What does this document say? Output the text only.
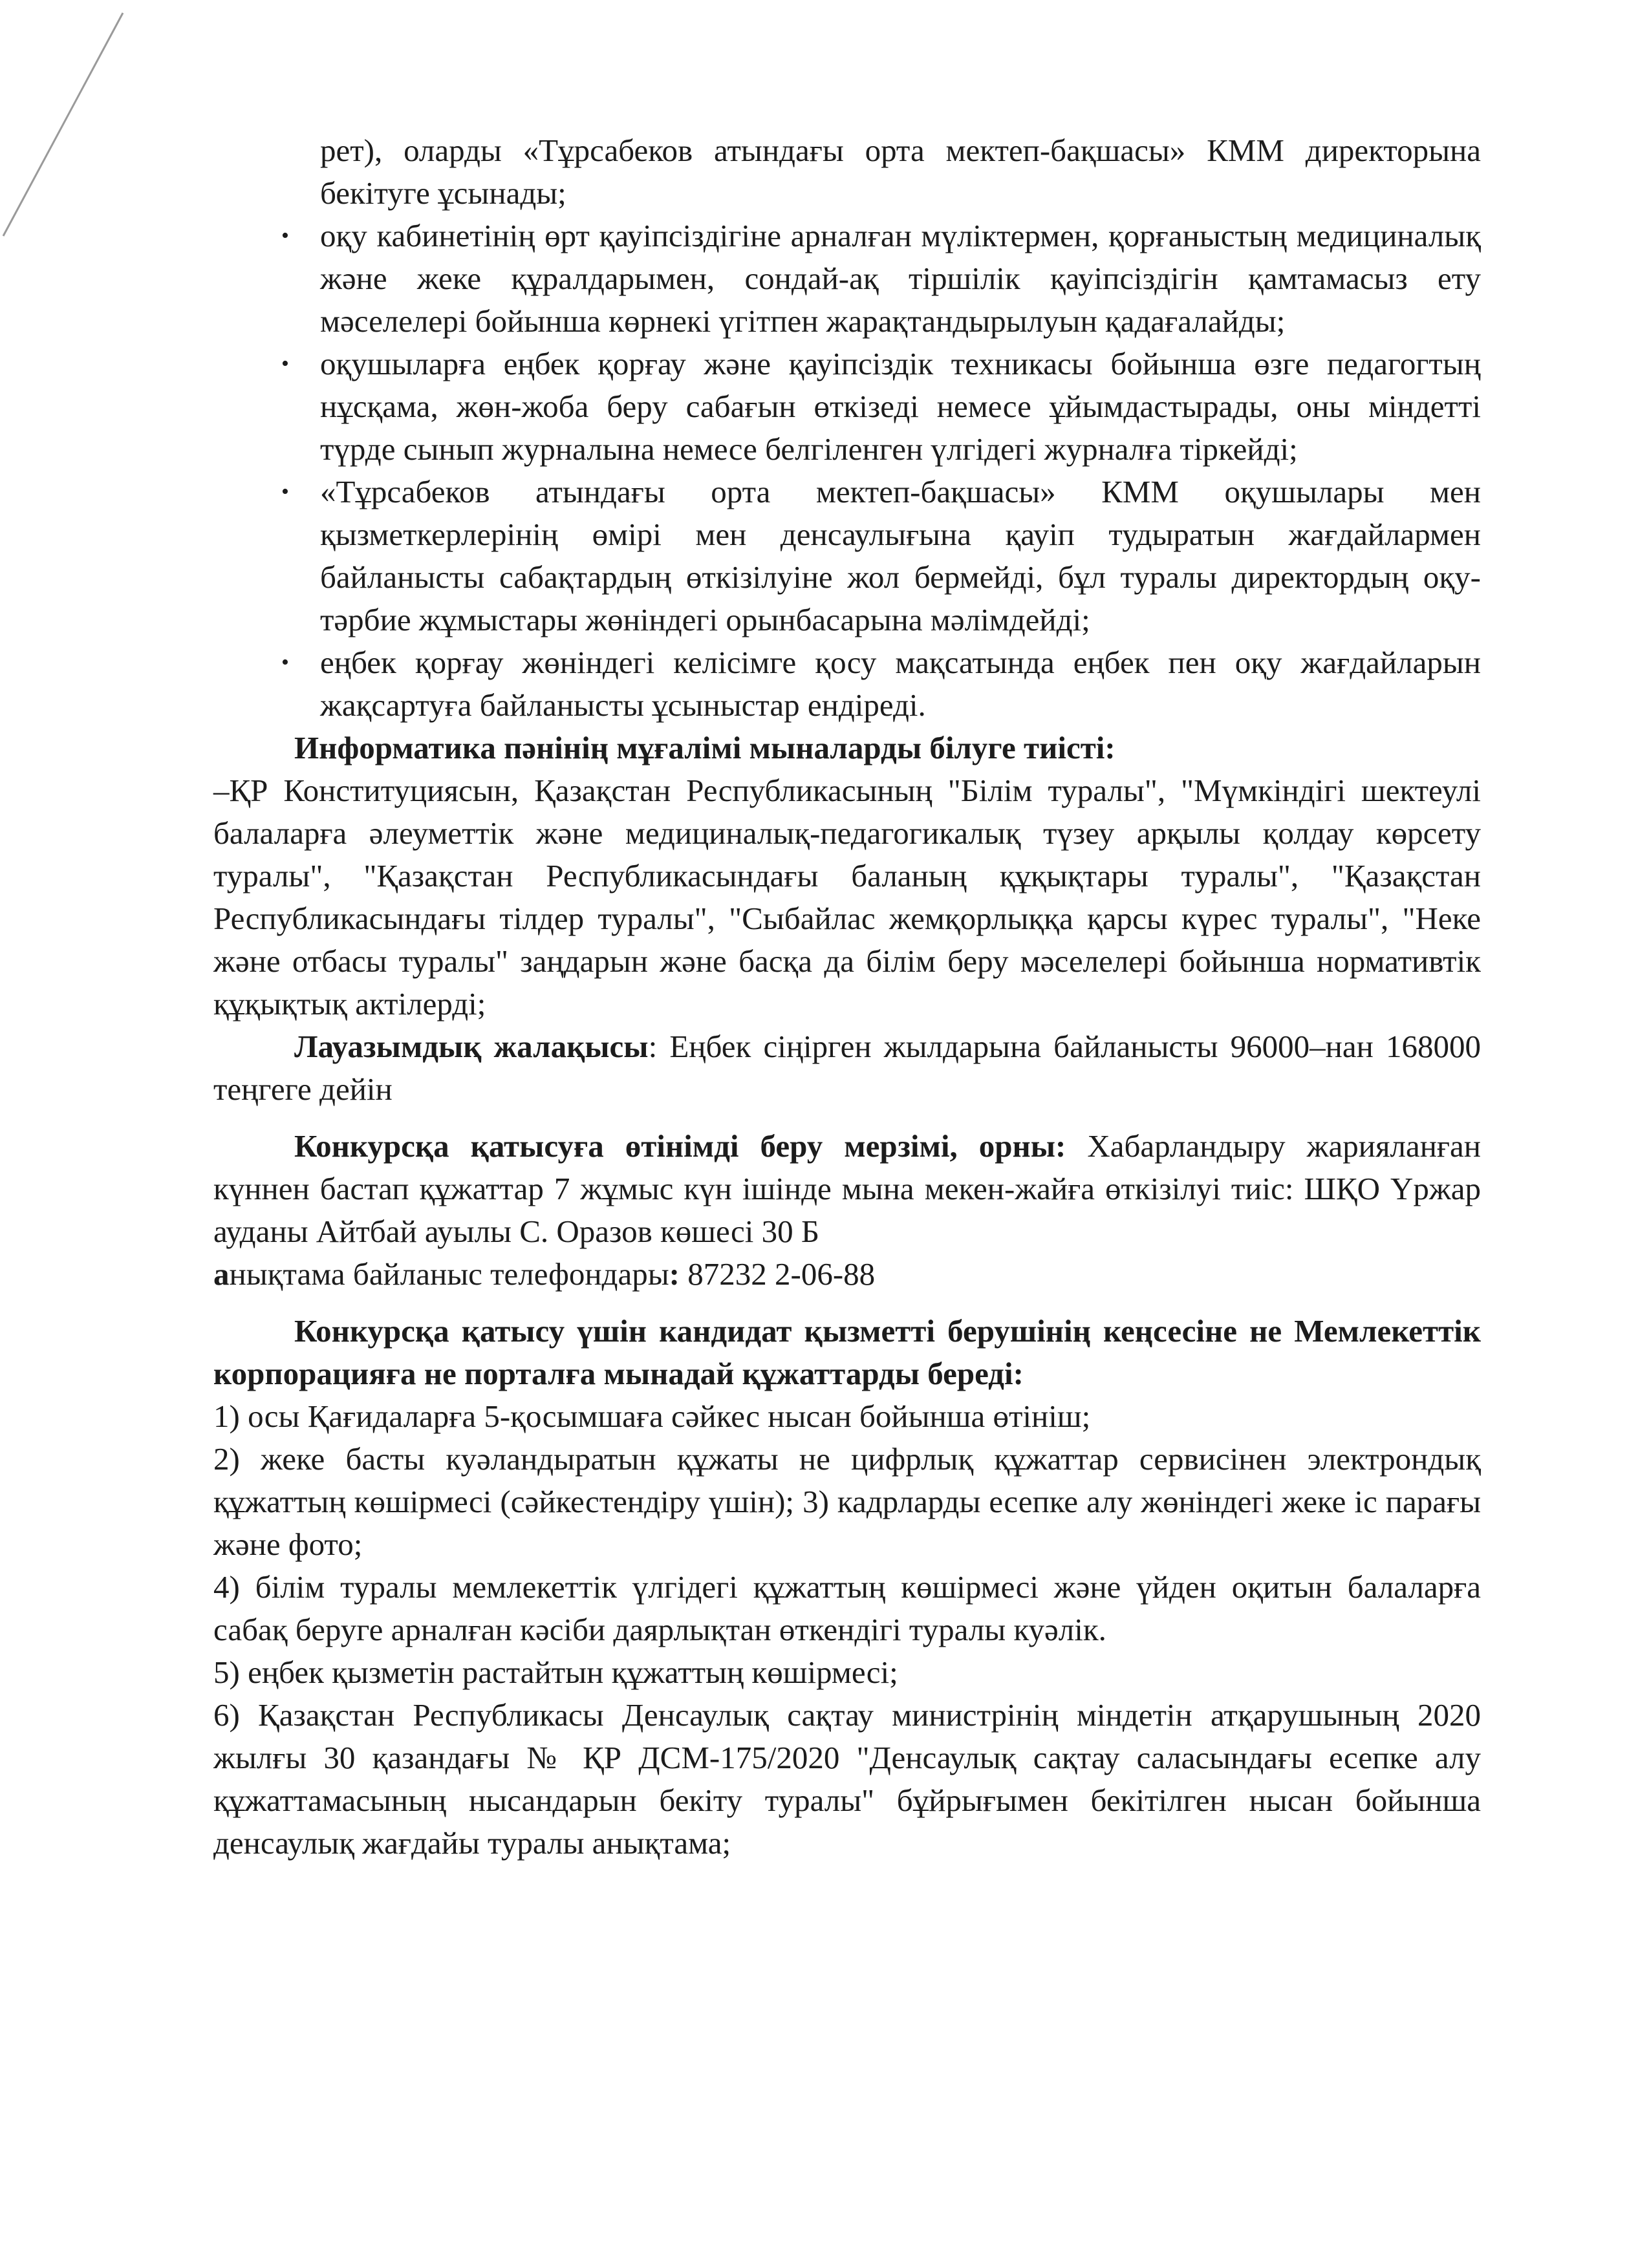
рет), оларды «Тұрсабеков атындағы орта мектеп-бақшасы» КММ директорына бекітуге ұсынады;

• оқу кабинетінің өрт қауіпсіздігіне арналған мүліктермен, қорғаныстың медициналық және жеке құралдарымен, сондай-ақ тіршілік қауіпсіздігін қамтамасыз ету мәселелері бойынша көрнекі үгітпен жарақтандырылуын қадағалайды;
• оқушыларға еңбек қорғау және қауіпсіздік техникасы бойынша өзге педагогтың нұсқама, жөн-жоба беру сабағын өткізеді немесе ұйымдастырады, оны міндетті түрде сынып журналына немесе белгіленген үлгідегі журналға тіркейді;
• «Тұрсабеков атындағы орта мектеп-бақшасы» КММ оқушылары мен қызметкерлерінің өмірі мен денсаулығына қауіп тудыратын жағдайлармен байланысты сабақтардың өткізілуіне жол бермейді, бұл туралы директордың оқу-тәрбие жұмыстары жөніндегі орынбасарына мәлімдейді;
• еңбек қорғау жөніндегі келісімге қосу мақсатында еңбек пен оқу жағдайларын жақсартуға байланысты ұсыныстар ендіреді.

Информатика пәнінің мұғалімі мыналарды білуге тиісті:

–ҚР Конституциясын, Қазақстан Республикасының "Білім туралы", "Мүмкіндігі шектеулі балаларға әлеуметтік және медициналық-педагогикалық түзеу арқылы қолдау көрсету туралы", "Қазақстан Республикасындағы баланың құқықтары туралы", "Қазақстан Республикасындағы тілдер туралы", "Сыбайлас жемқорлыққа қарсы күрес туралы", "Неке және отбасы туралы" заңдарын және басқа да білім беру мәселелері бойынша нормативтік құқықтық актілерді;

Лауазымдық жалақысы: Еңбек сіңірген жылдарына байланысты 96000–нан 168000 теңгеге дейін

Конкурсқа қатысуға өтінімді беру мерзімі, орны: Хабарландыру жарияланған күннен бастап құжаттар 7 жұмыс күн ішінде мына мекен-жайға өткізілуі тиіс: ШҚО Үржар ауданы Айтбай ауылы С. Оразов көшесі 30 Б

анықтама байланыс телефондары: 87232 2-06-88

Конкурсқа қатысу үшін кандидат қызметті берушінің кеңсесіне не Мемлекеттік корпорацияға не порталға мынадай құжаттарды береді:

1) осы Қағидаларға 5-қосымшаға сәйкес нысан бойынша өтініш;

2) жеке басты куәландыратын құжаты не цифрлық құжаттар сервисінен электрондық құжаттың көшірмесі (сәйкестендіру үшін); 3) кадрларды есепке алу жөніндегі жеке іс парағы және фото;

4) білім туралы мемлекеттік үлгідегі құжаттың көшірмесі және үйден оқитын балаларға сабақ беруге арналған кәсіби даярлықтан өткендігі туралы куәлік.

5) еңбек қызметін растайтын құжаттың көшірмесі;

6) Қазақстан Республикасы Денсаулық сақтау министрінің міндетін атқарушының 2020 жылғы 30 қазандағы № ҚР ДСМ-175/2020 "Денсаулық сақтау саласындағы есепке алу құжаттамасының нысандарын бекіту туралы" бұйрығымен бекітілген нысан бойынша денсаулық жағдайы туралы анықтама;
